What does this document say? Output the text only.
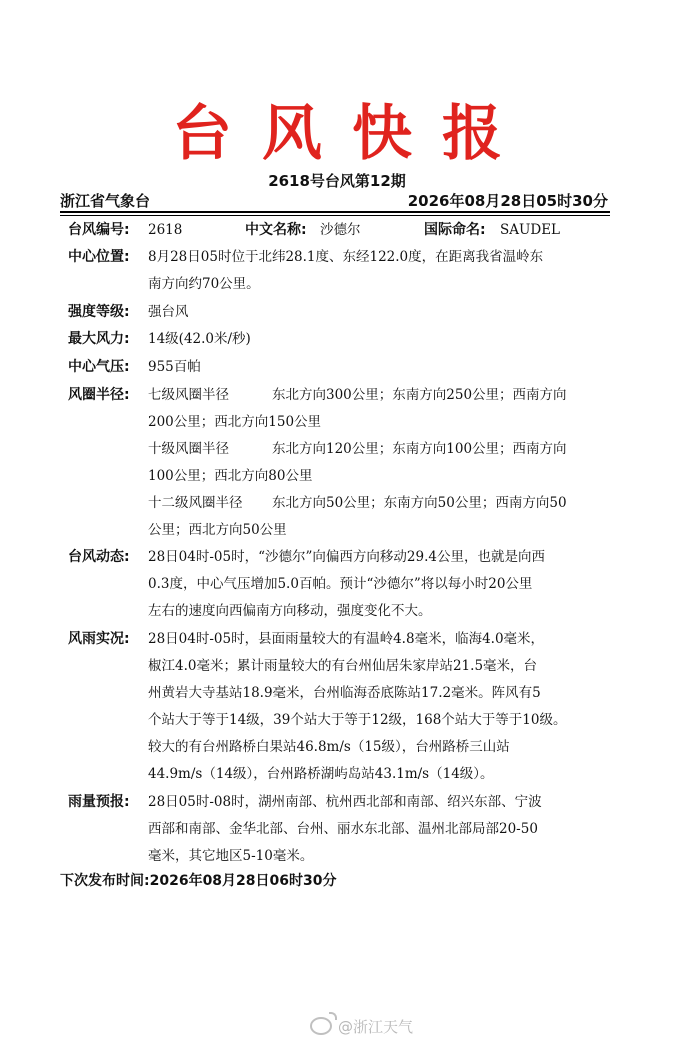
台风快报
2618号台风第12期
浙江省气象台	2026年08月28日05时30分
台风编号: 2618	中文名称: 沙德尔	国际命名: SAUDEL
中心位置: 8月28日05时位于北纬28.1度、东经122.0度，在距离我省温岭东
南方向约70公里。
强度等级: 强台风
最大风力: 14级(42.0米/秒)
中心气压: 955百帕
风圈半径: 七级风圈半径	东北方向300公里；东南方向250公里；西南方向
200公里；西北方向150公里
十级风圈半径	东北方向120公里；东南方向100公里；西南方向
100公里；西北方向80公里
十二级风圈半径 东北方向50公里；东南方向50公里；西南方向50
公里；西北方向50公里
台风动态: 28日04时-05时，“沙德尔”向偏西方向移动29.4公里，也就是向西
0.3度，中心气压增加5.0百帕。预计“沙德尔”将以每小时20公里
左右的速度向西偏南方向移动，强度变化不大。
风雨实况: 28日04时-05时，县面雨量较大的有温岭4.8毫米，临海4.0毫米，
椒江4.0毫米；累计雨量较大的有台州仙居朱家岸站21.5毫米，台
州黄岩大寺基站18.9毫米，台州临海岙底陈站17.2毫米。阵风有5
个站大于等于14级，39个站大于等于12级，168个站大于等于10级。
较大的有台州路桥白果站46.8m/s（15级），台州路桥三山站
44.9m/s（14级），台州路桥湖屿岛站43.1m/s（14级）。
雨量预报: 28日05时-08时，湖州南部、杭州西北部和南部、绍兴东部、宁波
西部和南部、金华北部、台州、丽水东北部、温州北部局部20-50
毫米，其它地区5-10毫米。
下次发布时间:2026年08月28日06时30分
@浙江天气
